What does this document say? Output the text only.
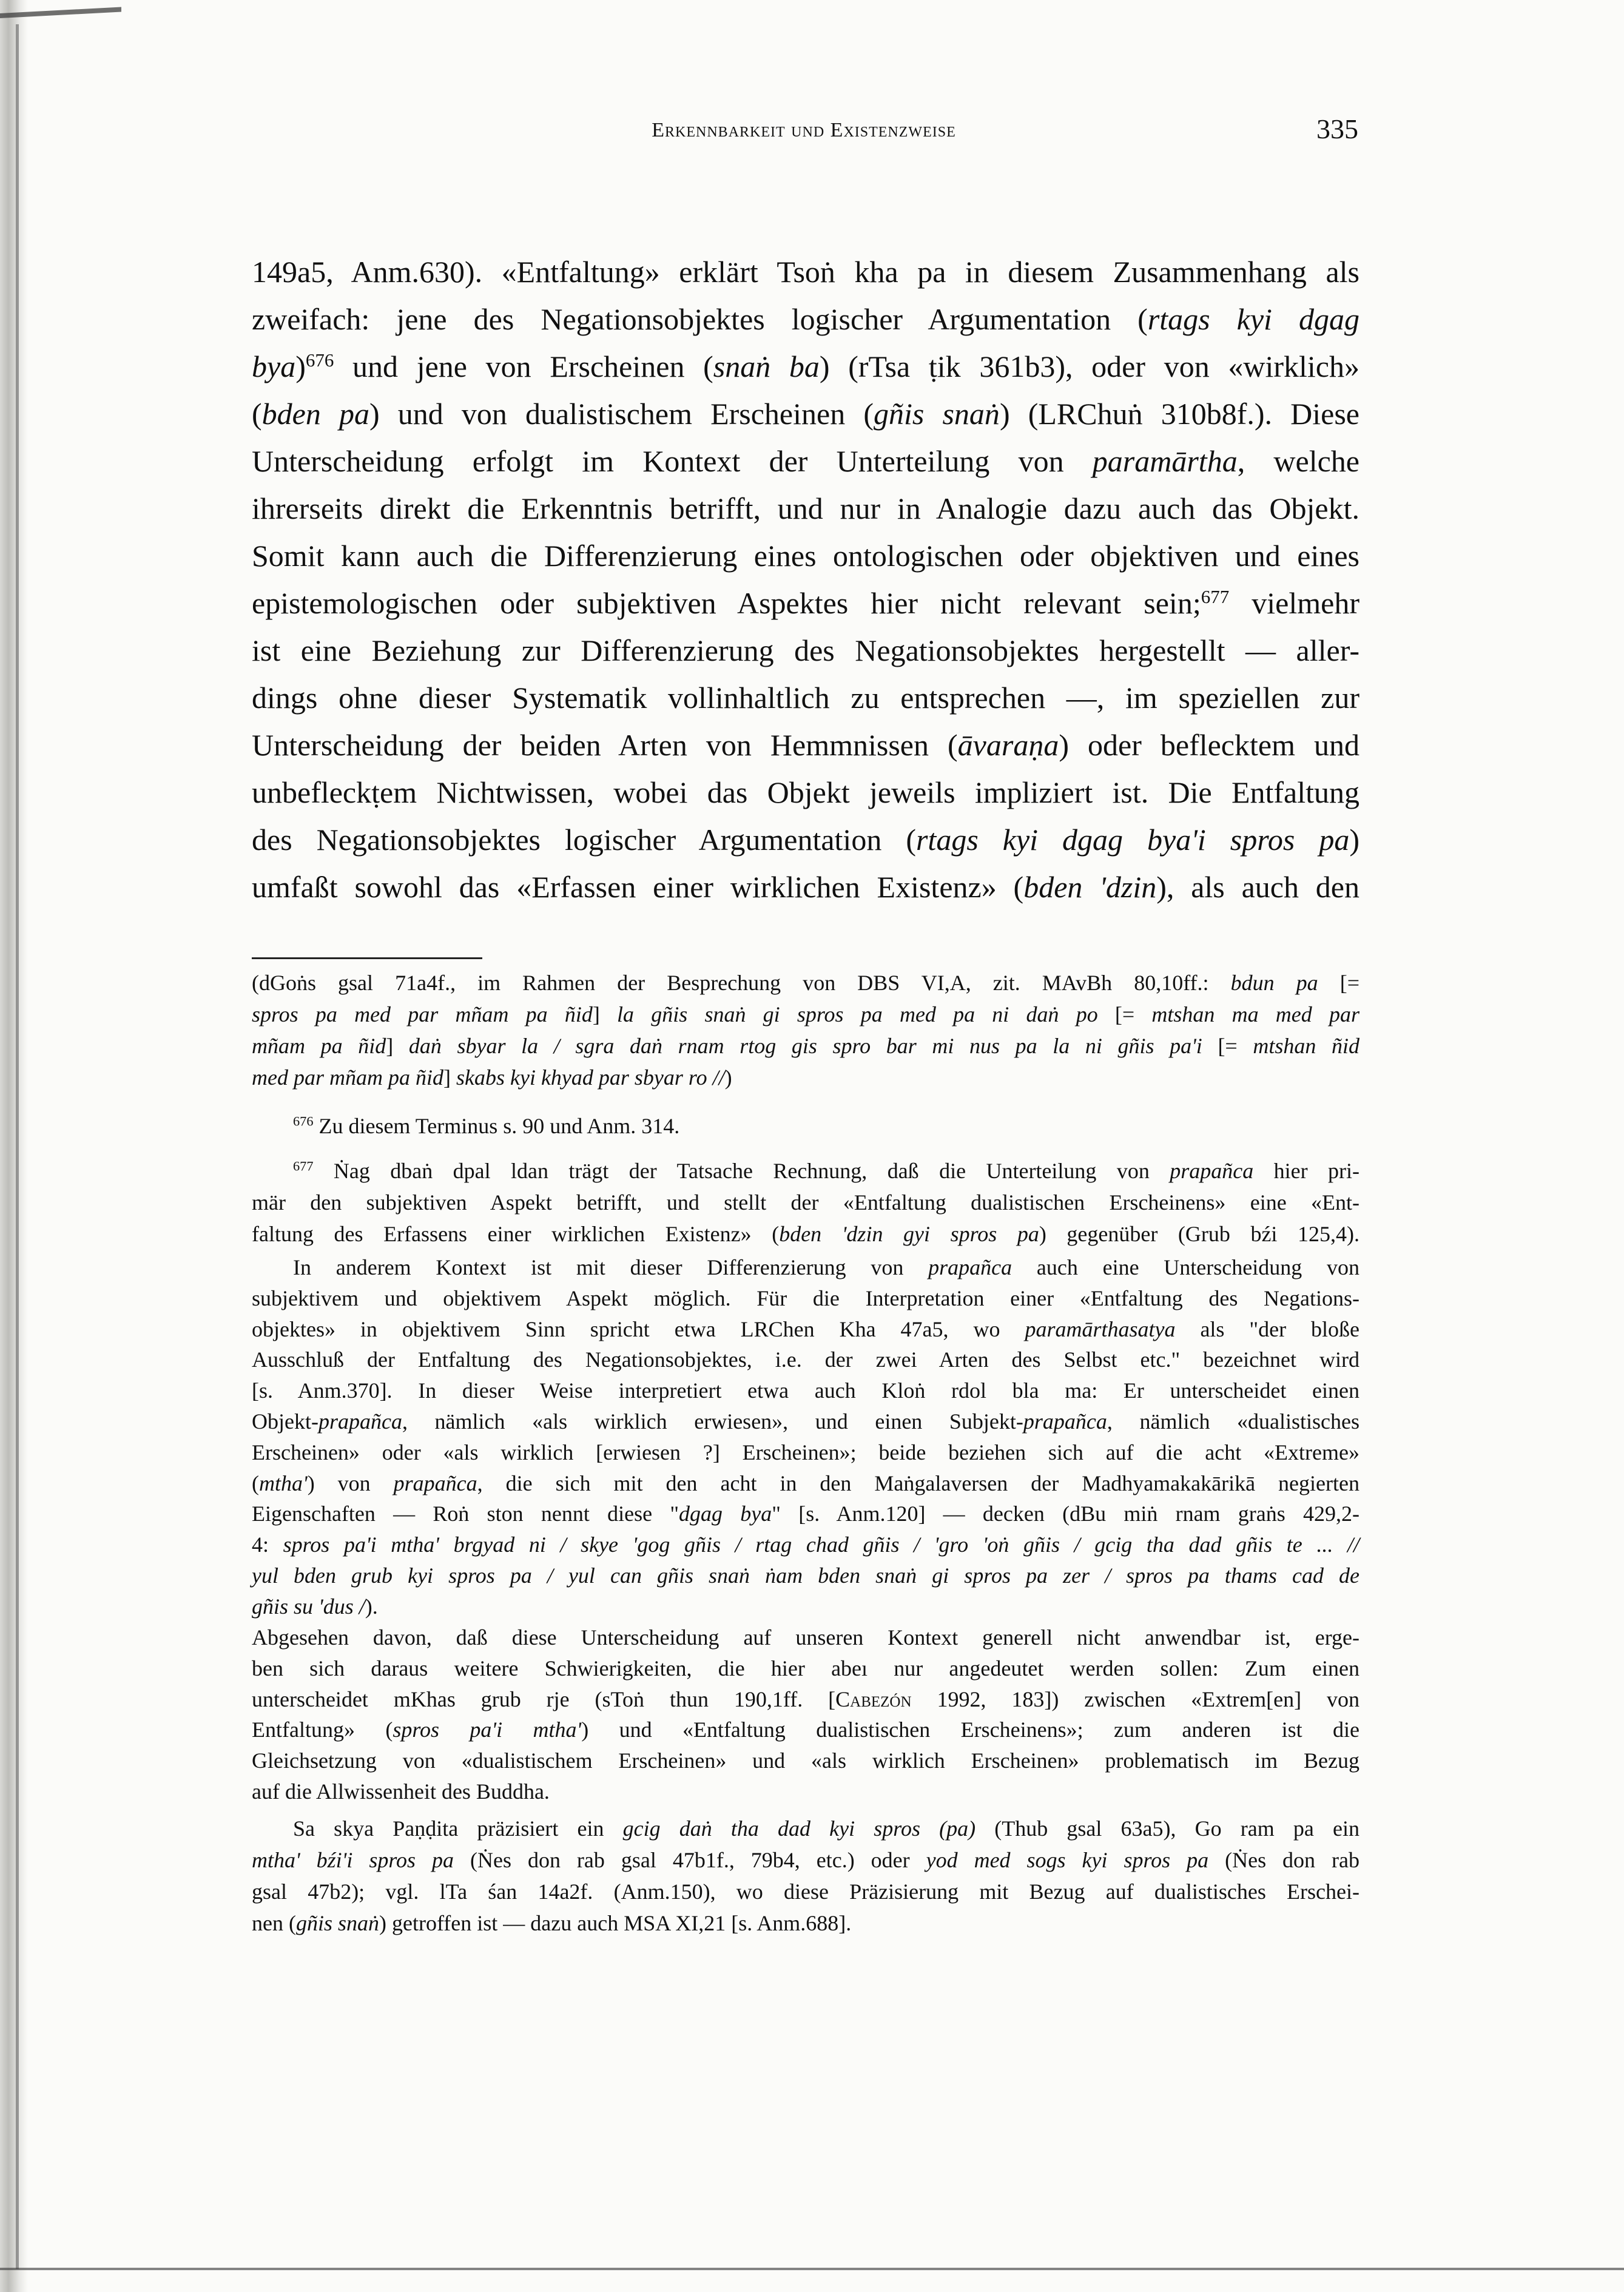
Erkennbarkeit und Existenzweise	335
149a5, Anm.630). «Entfaltung» erklärt Tsoṅ kha pa in diesem Zusammenhang als
zweifach: jene des Negationsobjektes logischer Argumentation (rtags kyi dgag
bya)$^{676}$ und jene von Erscheinen (snaṅ ba) (rTsa ṭik 361b3), oder von «wirklich»
(bden pa) und von dualistischem Erscheinen (gñis snaṅ) (LRChuṅ 310b8f.). Diese
Unterscheidung erfolgt im Kontext der Unterteilung von paramārtha, welche
ihrerseits direkt die Erkenntnis betrifft, und nur in Analogie dazu auch das Objekt.
Somit kann auch die Differenzierung eines ontologischen oder objektiven und eines
epistemologischen oder subjektiven Aspektes hier nicht relevant sein;$^{677}$ vielmehr
ist eine Beziehung zur Differenzierung des Negationsobjektes hergestellt — aller-
dings ohne dieser Systematik vollinhaltlich zu entsprechen —, im speziellen zur
Unterscheidung der beiden Arten von Hemmnissen (āvaraṇa) oder beflecktem und
unbefleckṭem Nichtwissen, wobei das Objekt jeweils impliziert ist. Die Entfaltung
des Negationsobjektes logischer Argumentation (rtags kyi dgag bya'i spros pa)
umfaßt sowohl das «Erfassen einer wirklichen Existenz» (bden 'dzin), als auch den
(dGoṅs gsal 71a4f., im Rahmen der Besprechung von DBS VI,A, zit. MAvBh 80,10ff.: bdun pa [=
spros pa med par mñam pa ñid] la gñis snaṅ gi spros pa med pa ni daṅ po [= mtshan ma med par
mñam pa ñid] daṅ sbyar la / sgra daṅ rnam rtog gis spro bar mi nus pa la ni gñis pa'i [= mtshan ñid
med par mñam pa ñid] skabs kyi khyad par sbyar ro //)
$^{676}$ Zu diesem Terminus s. 90 und Anm. 314.
$^{677}$ Ṅag dbaṅ dpal ldan trägt der Tatsache Rechnung, daß die Unterteilung von prapañca hier pri-
mär den subjektiven Aspekt betrifft, und stellt der «Entfaltung dualistischen Erscheinens» eine «Ent-
faltung des Erfassens einer wirklichen Existenz» (bden 'dzin gyi spros pa) gegenüber (Grub bźi 125,4).
In anderem Kontext ist mit dieser Differenzierung von prapañca auch eine Unterscheidung von
subjektivem und objektivem Aspekt möglich. Für die Interpretation einer «Entfaltung des Negations-
objektes» in objektivem Sinn spricht etwa LRChen Kha 47a5, wo paramārthasatya als "der bloße
Ausschluß der Entfaltung des Negationsobjektes, i.e. der zwei Arten des Selbst etc." bezeichnet wird
[s. Anm.370]. In dieser Weise interpretiert etwa auch Kloṅ rdol bla ma: Er unterscheidet einen
Objekt-prapañca, nämlich «als wirklich erwiesen», und einen Subjekt-prapañca, nämlich «dualistisches
Erscheinen» oder «als wirklich [erwiesen ?] Erscheinen»; beide beziehen sich auf die acht «Extreme»
(mtha') von prapañca, die sich mit den acht in den Maṅgalaversen der Madhyamakakārikā negierten
Eigenschaften — Roṅ ston nennt diese "dgag bya" [s. Anm.120] — decken (dBu miṅ rnam graṅs 429,2-
4: spros pa'i mtha' brgyad ni / skye 'gog gñis / rtag chad gñis / 'gro 'oṅ gñis / gcig tha dad gñis te ... //
yul bden grub kyi spros pa / yul can gñis snaṅ ṅam bden snaṅ gi spros pa zer / spros pa thams cad de
gñis su 'dus /).
Abgesehen davon, daß diese Unterscheidung auf unseren Kontext generell nicht anwendbar ist, erge-
ben sich daraus weitere Schwierigkeiten, die hier abeı nur angedeutet werden sollen: Zum einen
unterscheidet mKhas grub rje (sToṅ thun 190,1ff. [Cabezón 1992, 183]) zwischen «Extrem[en] von
Entfaltung» (spros pa'i mtha') und «Entfaltung dualistischen Erscheinens»; zum anderen ist die
Gleichsetzung von «dualistischem Erscheinen» und «als wirklich Erscheinen» problematisch im Bezug
auf die Allwissenheit des Buddha.
Sa skya Paṇḍita präzisiert ein gcig daṅ tha dad kyi spros (pa) (Thub gsal 63a5), Go ram pa ein
mtha' bźi'i spros pa (Ṅes don rab gsal 47b1f., 79b4, etc.) oder yod med sogs kyi spros pa (Ṅes don rab
gsal 47b2); vgl. lTa śan 14a2f. (Anm.150), wo diese Präzisierung mit Bezug auf dualistisches Erschei-
nen (gñis snaṅ) getroffen ist — dazu auch MSA XI,21 [s. Anm.688].
